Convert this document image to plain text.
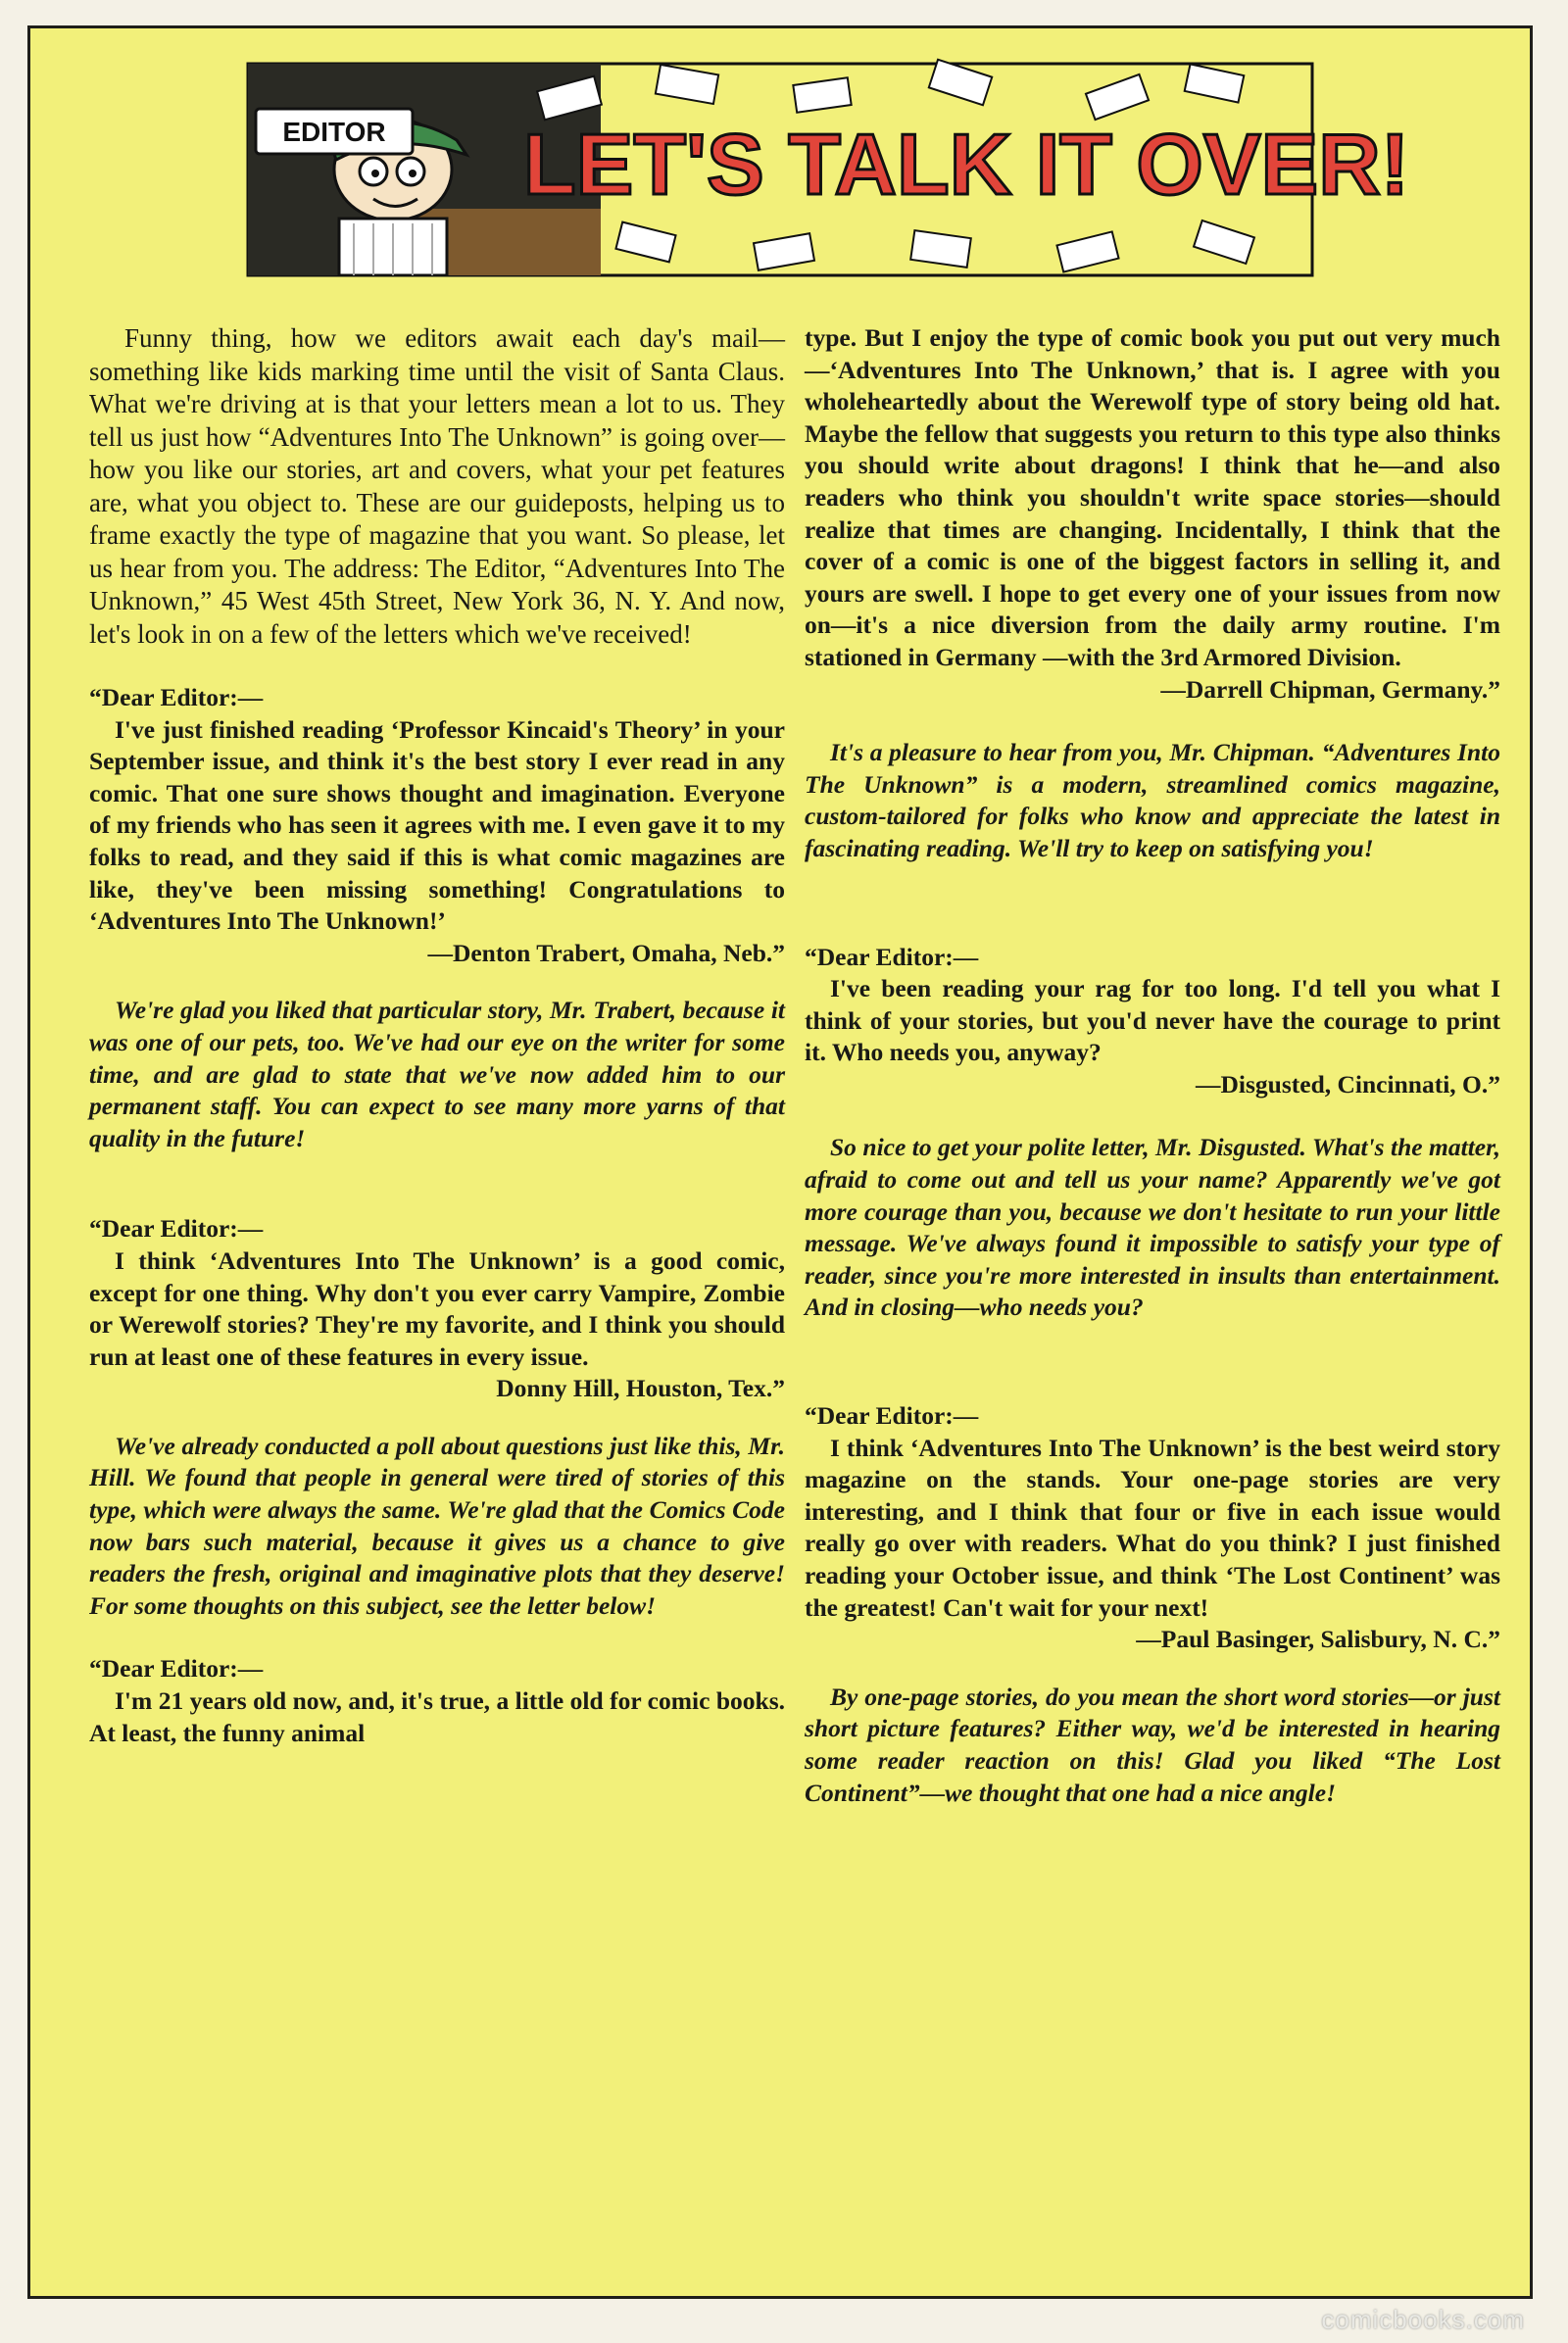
EDITOR LET'S TALK IT OVER!

Funny thing, how we editors await each day's mail—something like kids marking time until the visit of Santa Claus. What we're driving at is that your letters mean a lot to us. They tell us just how “Adventures Into The Unknown” is going over—how you like our stories, art and covers, what your pet features are, what you object to. These are our guideposts, helping us to frame exactly the type of magazine that you want. So please, let us hear from you. The address: The Editor, “Adventures Into The Unknown,” 45 West 45th Street, New York 36, N. Y. And now, let's look in on a few of the letters which we've received!

“Dear Editor:—

I've just finished reading ‘Professor Kincaid's Theory’ in your September issue, and think it's the best story I ever read in any comic. That one sure shows thought and imagination. Everyone of my friends who has seen it agrees with me. I even gave it to my folks to read, and they said if this is what comic magazines are like, they've been missing something! Congratulations to ‘Adventures Into The Unknown!’

—Denton Trabert, Omaha, Neb.”

We're glad you liked that particular story, Mr. Trabert, because it was one of our pets, too. We've had our eye on the writer for some time, and are glad to state that we've now added him to our permanent staff. You can expect to see many more yarns of that quality in the future!

“Dear Editor:—

I think ‘Adventures Into The Unknown’ is a good comic, except for one thing. Why don't you ever carry Vampire, Zombie or Werewolf stories? They're my favorite, and I think you should run at least one of these features in every issue.

Donny Hill, Houston, Tex.”

We've already conducted a poll about questions just like this, Mr. Hill. We found that people in general were tired of stories of this type, which were always the same. We're glad that the Comics Code now bars such material, because it gives us a chance to give readers the fresh, original and imaginative plots that they deserve! For some thoughts on this subject, see the letter below!

“Dear Editor:—

I'm 21 years old now, and, it's true, a little old for comic books. At least, the funny animal

type. But I enjoy the type of comic book you put out very much—‘Adventures Into The Unknown,’ that is. I agree with you wholeheartedly about the Werewolf type of story being old hat. Maybe the fellow that suggests you return to this type also thinks you should write about dragons! I think that he—and also readers who think you shouldn't write space stories—should realize that times are changing. Incidentally, I think that the cover of a comic is one of the biggest factors in selling it, and yours are swell. I hope to get every one of your issues from now on—it's a nice diversion from the daily army routine. I'm stationed in Germany —with the 3rd Armored Division.

—Darrell Chipman, Germany.”

It's a pleasure to hear from you, Mr. Chipman. “Adventures Into The Unknown” is a modern, streamlined comics magazine, custom-tailored for folks who know and appreciate the latest in fascinating reading. We'll try to keep on satisfying you!

“Dear Editor:—

I've been reading your rag for too long. I'd tell you what I think of your stories, but you'd never have the courage to print it. Who needs you, anyway?

—Disgusted, Cincinnati, O.”

So nice to get your polite letter, Mr. Disgusted. What's the matter, afraid to come out and tell us your name? Apparently we've got more courage than you, because we don't hesitate to run your little message. We've always found it impossible to satisfy your type of reader, since you're more interested in insults than entertainment. And in closing—who needs you?

“Dear Editor:—

I think ‘Adventures Into The Unknown’ is the best weird story magazine on the stands. Your one-page stories are very interesting, and I think that four or five in each issue would really go over with readers. What do you think? I just finished reading your October issue, and think ‘The Lost Continent’ was the greatest! Can't wait for your next!

—Paul Basinger, Salisbury, N. C.”

By one-page stories, do you mean the short word stories—or just short picture features? Either way, we'd be interested in hearing some reader reaction on this! Glad you liked “The Lost Continent”—we thought that one had a nice angle!

comicbooks.com
